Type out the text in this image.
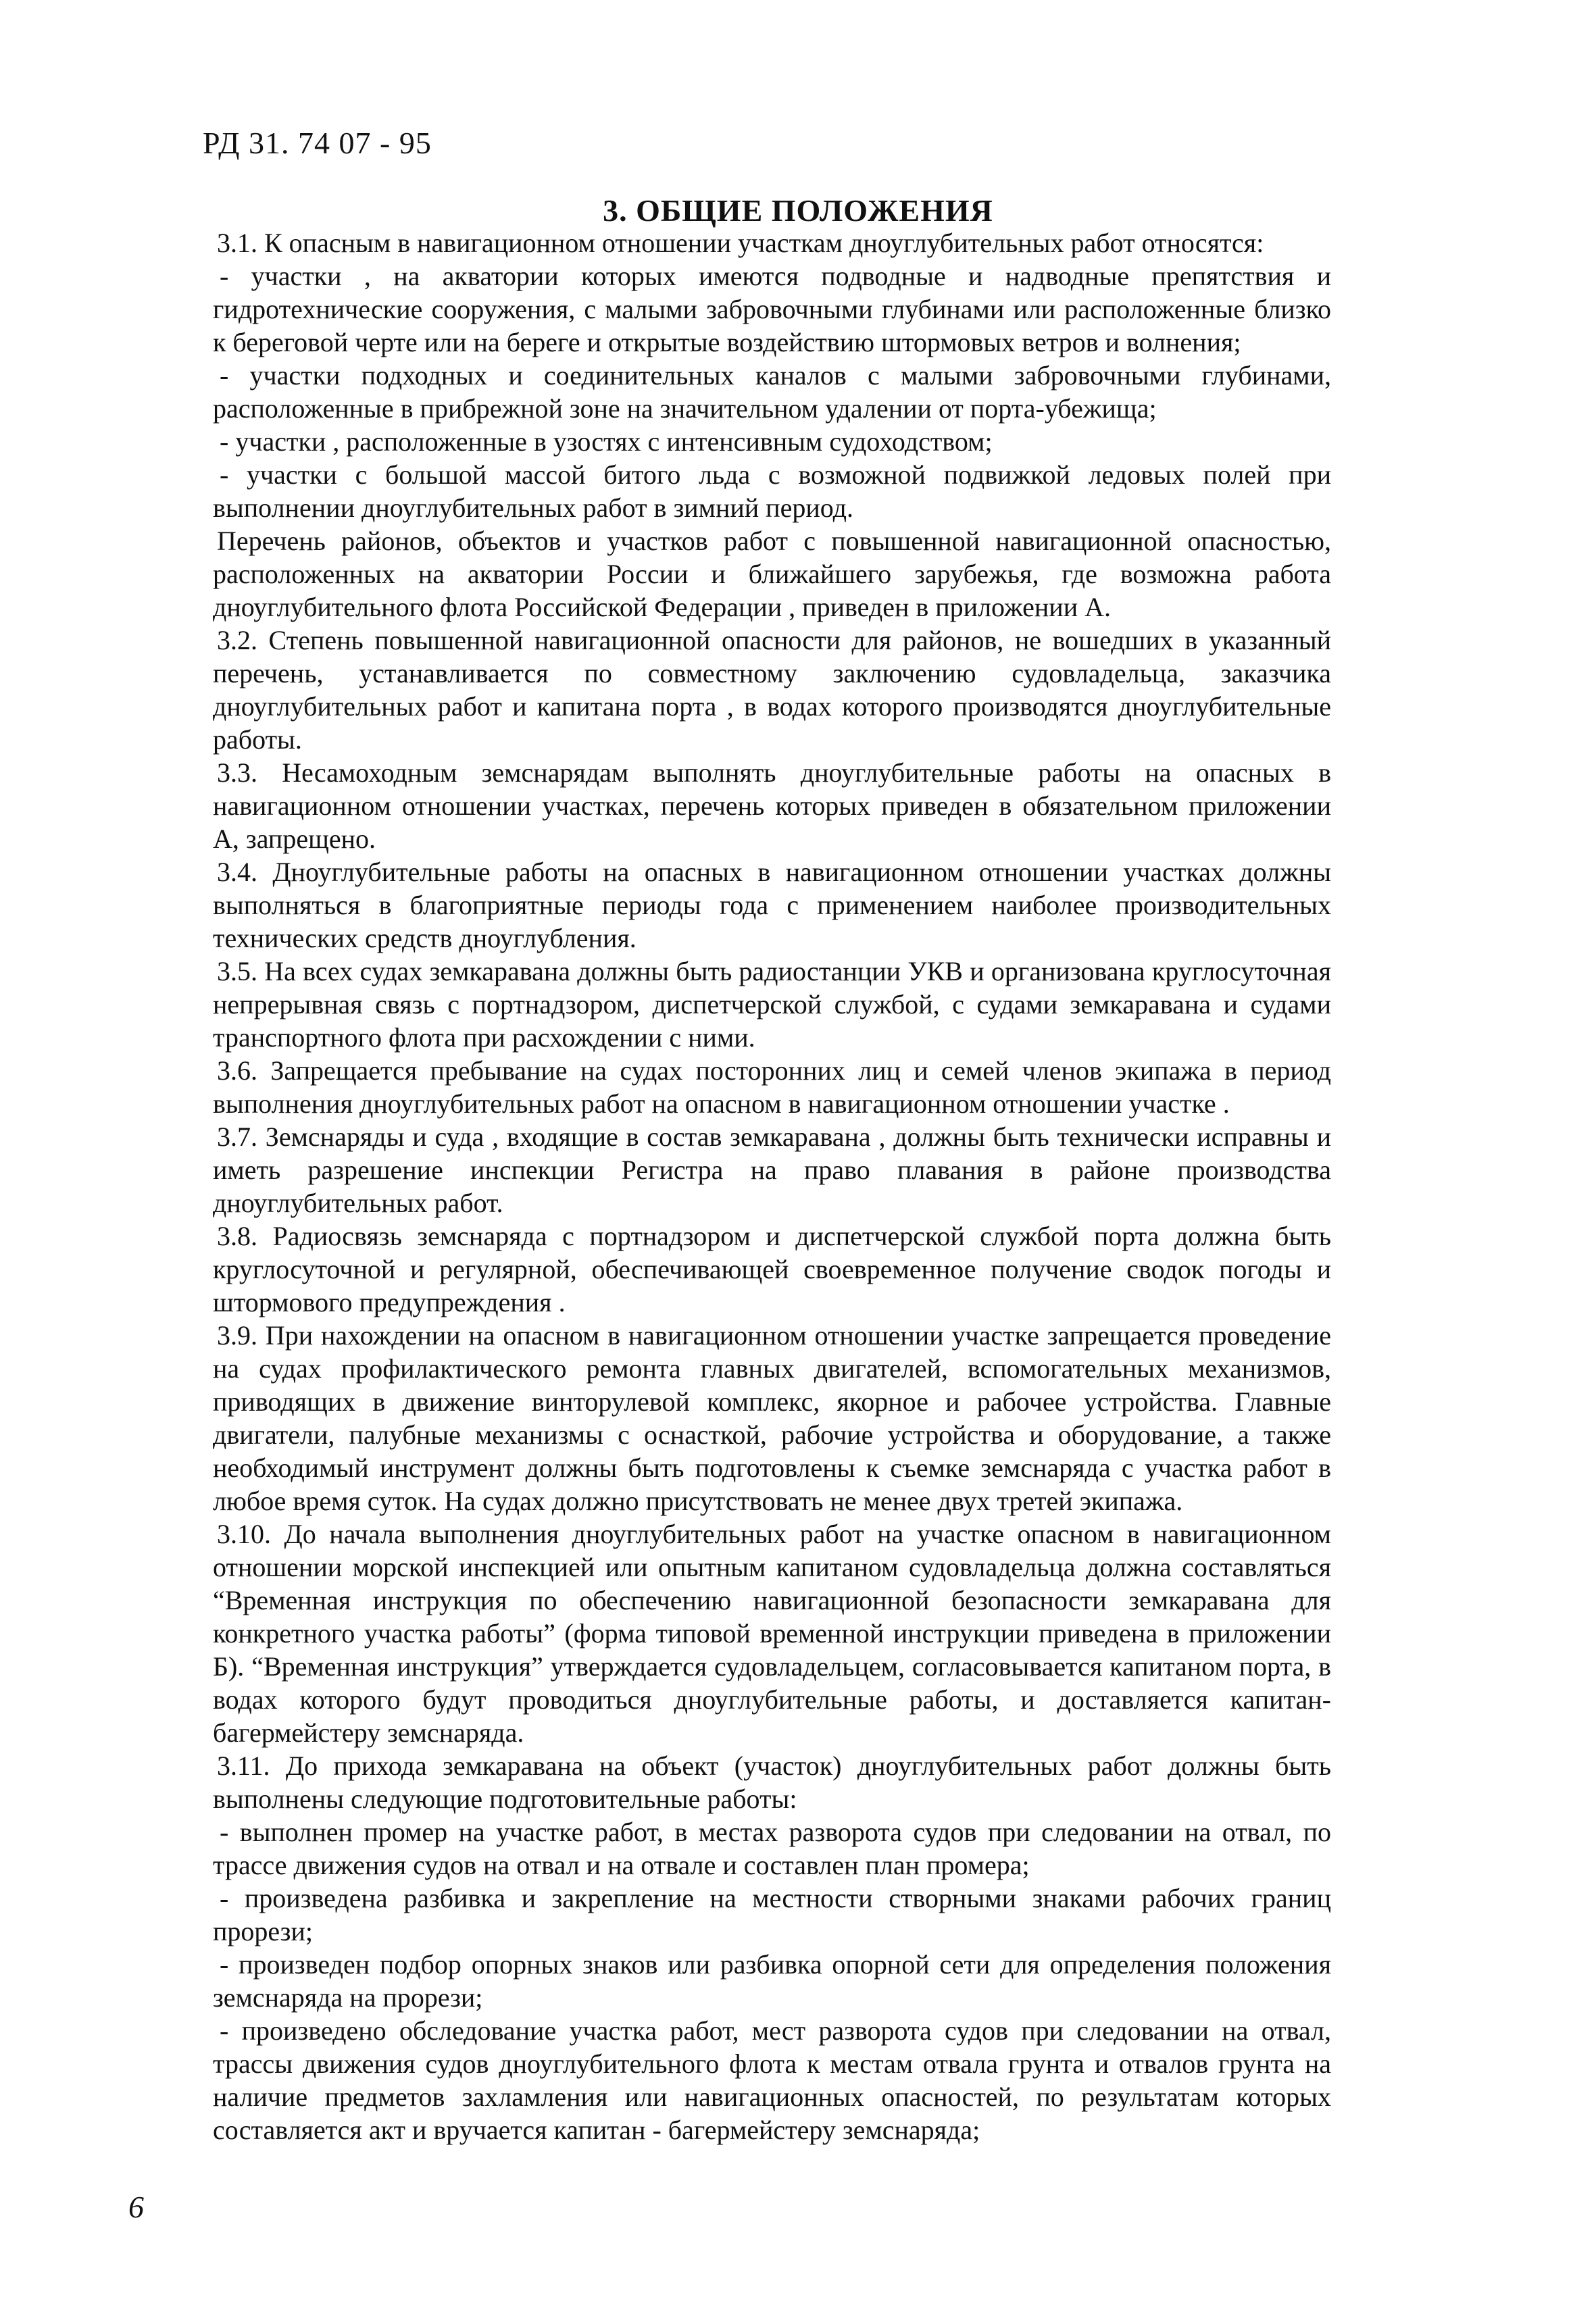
РД 31. 74 07 - 95
3. ОБЩИЕ ПОЛОЖЕНИЯ

3.1. К опасным в навигационном отношении участкам дноуглубительных работ относятся:

- участки , на акватории которых имеются подводные и надводные препятствия и гидротехнические сооружения, с малыми забровочными глубинами или расположенные близко к береговой черте или на береге и открытые воздействию штормовых ветров и волнения;

- участки подходных и соединительных каналов с малыми забровочными глубинами, расположенные в прибрежной зоне на значительном удалении от порта-убежища;

- участки , расположенные в узостях с интенсивным судоходством;

- участки с большой массой битого льда с возможной подвижкой ледовых полей при выполнении дноуглубительных работ в зимний период.

Перечень районов, объектов и участков работ с повышенной навигационной опасностью, расположенных на акватории России и ближайшего зарубежья, где возможна работа дноуглубительного флота Российской Федерации , приведен в приложении А.

3.2. Степень повышенной навигационной опасности для районов, не вошедших в указанный перечень, устанавливается по совместному заключению судовладельца, заказчика дноуглубительных работ и капитана порта , в водах которого производятся дноуглубительные работы.

3.3. Несамоходным земснарядам выполнять дноуглубительные работы на опасных в навигационном отношении участках, перечень которых приведен в обязательном приложении А, запрещено.

3.4. Дноуглубительные работы на опасных в навигационном отношении участках должны выполняться в благоприятные периоды года с применением наиболее производительных технических средств дноуглубления.

3.5. На всех судах земкаравана должны быть радиостанции УКВ и организована круглосуточная непрерывная связь с портнадзором, диспетчерской службой, с судами земкаравана и судами транспортного флота при расхождении с ними.

3.6. Запрещается пребывание на судах посторонних лиц и семей членов экипажа в период выполнения дноуглубительных работ на опасном в навигационном отношении участке .

3.7. Земснаряды и суда , входящие в состав земкаравана , должны быть технически исправны и иметь разрешение инспекции Регистра на право плавания в районе производства дноуглубительных работ.

3.8. Радиосвязь земснаряда с портнадзором и диспетчерской службой порта должна быть круглосуточной и регулярной, обеспечивающей своевременное получение сводок погоды и штормового предупреждения .

3.9. При нахождении на опасном в навигационном отношении участке запрещается проведение на судах профилактического ремонта главных двигателей, вспомогательных механизмов, приводящих в движение винторулевой комплекс, якорное и рабочее устройства. Главные двигатели, палубные механизмы с оснасткой, рабочие устройства и оборудование, а также необходимый инструмент должны быть подготовлены к съемке земснаряда с участка работ в любое время суток. На судах должно присутствовать не менее двух третей экипажа.

3.10. До начала выполнения дноуглубительных работ на участке опасном в навигационном отношении морской инспекцией или опытным капитаном судовладельца должна составляться “Временная инструкция по обеспечению навигационной безопасности земкаравана для конкретного участка работы” (форма типовой временной инструкции приведена в приложении Б). “Временная инструкция” утверждается судовладельцем, согласовывается капитаном порта, в водах которого будут проводиться дноуглубительные работы, и доставляется капитан-багермейстеру земснаряда.

3.11. До прихода земкаравана на объект (участок) дноуглубительных работ должны быть выполнены следующие подготовительные работы:

- выполнен промер на участке работ, в местах разворота судов при следовании на отвал, по трассе движения судов на отвал и на отвале и составлен план промера;

- произведена разбивка и закрепление на местности створными знаками рабочих границ прорези;

- произведен подбор опорных знаков или разбивка опорной сети для определения положения земснаряда на прорези;

- произведено обследование участка работ, мест разворота судов при следовании на отвал, трассы движения судов дноуглубительного флота к местам отвала грунта и отвалов грунта на наличие предметов захламления или навигационных опасностей, по результатам которых составляется акт и вручается капитан - багермейстеру земснаряда;

6
